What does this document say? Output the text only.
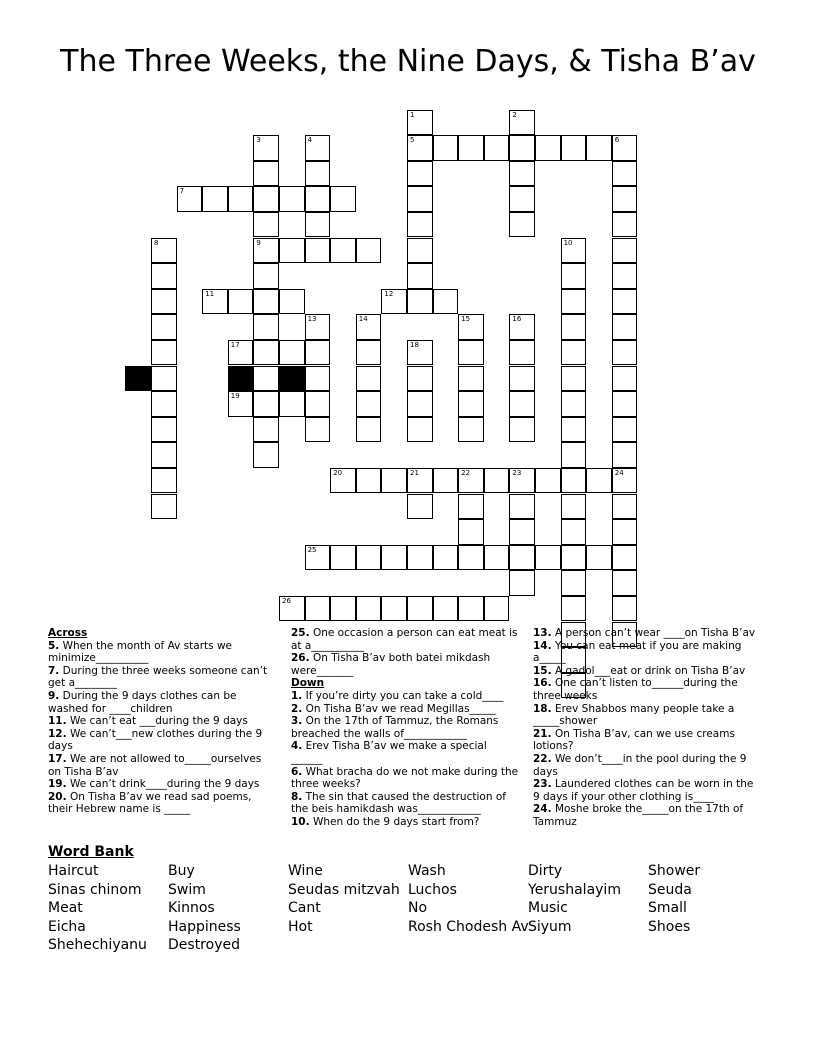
The Three Weeks, the Nine Days, & Tisha B’av
1
5
2
3
9
4	6
24
7
8	10
11	12
13	14	15	16
17	18
19
20	21	22	23
25
26

Across

5. When the month of Av starts we minimize__________

7. During the three weeks someone can’t get a________

9. During the 9 days clothes can be washed for ____children

11. We can’t eat ___during the 9 days

12. We can’t___new clothes during the 9 days

17. We are not allowed to_____ourselves on Tisha B’av

19. We can’t drink____during the 9 days

20. On Tisha B’av we read sad poems, their Hebrew name is _____

25. One occasion a person can eat meat is at a__________

26. On Tisha B’av both batei mikdash were_______

Down

1. If you’re dirty you can take a cold____

2. On Tisha B’av we read Megillas_____

3. On the 17th of Tammuz, the Romans breached the walls of____________

4. Erev Tisha B’av we make a special ______

6. What bracha do we not make during the three weeks?

8. The sin that caused the destruction of the beis hamikdash was____________

10. When do the 9 days start from?

13. A person can’t wear ____on Tisha B’av

14. You can eat meat if you are making a_____

15. A gadol___eat or drink on Tisha B’av

16. One can’t listen to______during the three weeks

18. Erev Shabbos many people take a _____shower

21. On Tisha B’av, can we use creams lotions?

22. We don’t____in the pool during the 9 days

23. Laundered clothes can be worn in the 9 days if your other clothing is____

24. Moshe broke the_____on the 17th of Tammuz

Word Bank
Haircut
Sinas chinom
Meat
Eicha
Shehechiyanu
Buy
Swim
Kinnos
Happiness
Destroyed
Wine
Seudas mitzvah
Cant
Hot
Wash
Luchos
No
Rosh Chodesh Av
Dirty
Yerushalayim
Music
Siyum
Shower
Seuda
Small
Shoes
